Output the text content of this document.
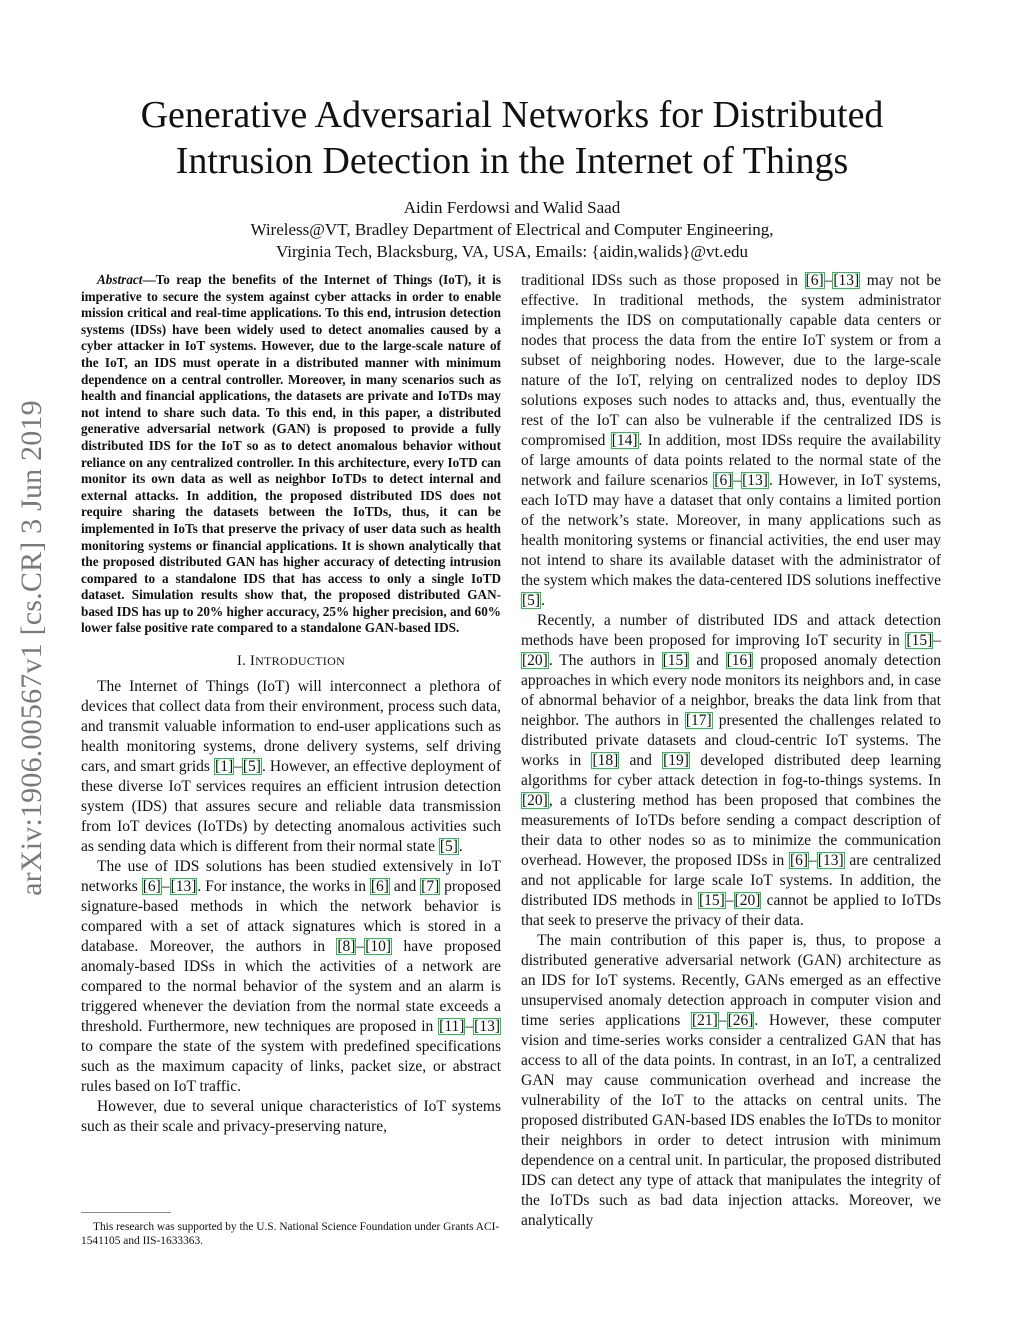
arXiv:1906.00567v1 [cs.CR] 3 Jun 2019
Generative Adversarial Networks for Distributed
Intrusion Detection in the Internet of Things
Aidin Ferdowsi and Walid Saad
Wireless@VT, Bradley Department of Electrical and Computer Engineering,
Virginia Tech, Blacksburg, VA, USA, Emails: {aidin,walids}@vt.edu

Abstract—To reap the benefits of the Internet of Things (IoT), it is imperative to secure the system against cyber attacks in order to enable mission critical and real-time applications. To this end, intrusion detection systems (IDSs) have been widely used to detect anomalies caused by a cyber attacker in IoT systems. However, due to the large-scale nature of the IoT, an IDS must operate in a distributed manner with minimum dependence on a central controller. Moreover, in many scenarios such as health and financial applications, the datasets are private and IoTDs may not intend to share such data. To this end, in this paper, a distributed generative adversarial network (GAN) is proposed to provide a fully distributed IDS for the IoT so as to detect anomalous behavior without reliance on any centralized controller. In this architecture, every IoTD can monitor its own data as well as neighbor IoTDs to detect internal and external attacks. In addition, the proposed distributed IDS does not require sharing the datasets between the IoTDs, thus, it can be implemented in IoTs that preserve the privacy of user data such as health monitoring systems or financial applications. It is shown analytically that the proposed distributed GAN has higher accuracy of detecting intrusion compared to a standalone IDS that has access to only a single IoTD dataset. Simulation results show that, the proposed distributed GAN-based IDS has up to 20% higher accuracy, 25% higher precision, and 60% lower false positive rate compared to a standalone GAN-based IDS.

I. INTRODUCTION

The Internet of Things (IoT) will interconnect a plethora of devices that collect data from their environment, process such data, and transmit valuable information to end-user applications such as health monitoring systems, drone delivery systems, self driving cars, and smart grids [1]–[5]. However, an effective deployment of these diverse IoT services requires an efficient intrusion detection system (IDS) that assures secure and reliable data transmission from IoT devices (IoTDs) by detecting anomalous activities such as sending data which is different from their normal state [5].

The use of IDS solutions has been studied extensively in IoT networks [6]–[13]. For instance, the works in [6] and [7] proposed signature-based methods in which the network behavior is compared with a set of attack signatures which is stored in a database. Moreover, the authors in [8]–[10] have proposed anomaly-based IDSs in which the activities of a network are compared to the normal behavior of the system and an alarm is triggered whenever the deviation from the normal state exceeds a threshold. Furthermore, new techniques are proposed in [11]–[13] to compare the state of the system with predefined specifications such as the maximum capacity of links, packet size, or abstract rules based on IoT traffic.

However, due to several unique characteristics of IoT systems such as their scale and privacy-preserving nature,

This research was supported by the U.S. National Science Foundation under Grants ACI-1541105 and IIS-1633363.

traditional IDSs such as those proposed in [6]–[13] may not be effective. In traditional methods, the system administrator implements the IDS on computationally capable data centers or nodes that process the data from the entire IoT system or from a subset of neighboring nodes. However, due to the large-scale nature of the IoT, relying on centralized nodes to deploy IDS solutions exposes such nodes to attacks and, thus, eventually the rest of the IoT can also be vulnerable if the centralized IDS is compromised [14]. In addition, most IDSs require the availability of large amounts of data points related to the normal state of the network and failure scenarios [6]–[13]. However, in IoT systems, each IoTD may have a dataset that only contains a limited portion of the network’s state. Moreover, in many applications such as health monitoring systems or financial activities, the end user may not intend to share its available dataset with the administrator of the system which makes the data-centered IDS solutions ineffective [5].

Recently, a number of distributed IDS and attack detection methods have been proposed for improving IoT security in [15]–[20]. The authors in [15] and [16] proposed anomaly detection approaches in which every node monitors its neighbors and, in case of abnormal behavior of a neighbor, breaks the data link from that neighbor. The authors in [17] presented the challenges related to distributed private datasets and cloud-centric IoT systems. The works in [18] and [19] developed distributed deep learning algorithms for cyber attack detection in fog-to-things systems. In [20], a clustering method has been proposed that combines the measurements of IoTDs before sending a compact description of their data to other nodes so as to minimize the communication overhead. However, the proposed IDSs in [6]–[13] are centralized and not applicable for large scale IoT systems. In addition, the distributed IDS methods in [15]–[20] cannot be applied to IoTDs that seek to preserve the privacy of their data.

The main contribution of this paper is, thus, to propose a distributed generative adversarial network (GAN) architecture as an IDS for IoT systems. Recently, GANs emerged as an effective unsupervised anomaly detection approach in computer vision and time series applications [21]–[26]. However, these computer vision and time-series works consider a centralized GAN that has access to all of the data points. In contrast, in an IoT, a centralized GAN may cause communication overhead and increase the vulnerability of the IoT to the attacks on central units. The proposed distributed GAN-based IDS enables the IoTDs to monitor their neighbors in order to detect intrusion with minimum dependence on a central unit. In particular, the proposed distributed IDS can detect any type of attack that manipulates the integrity of the IoTDs such as bad data injection attacks. Moreover, we analytically
